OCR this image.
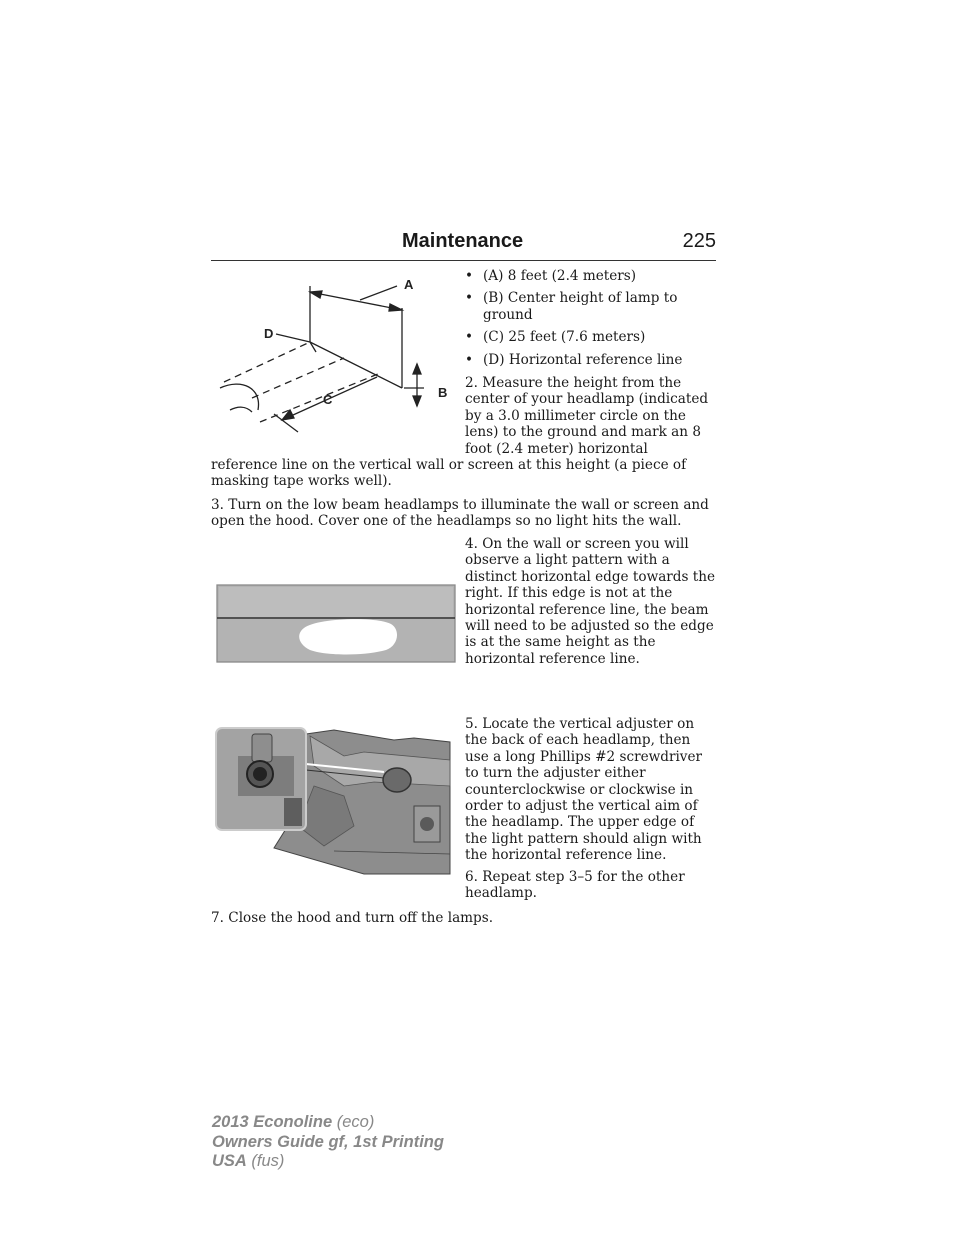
Maintenance	225
A
B
C
D
• (A) 8 feet (2.4 meters)
• (B) Center height of lamp to ground
• (C) 25 feet (7.6 meters)
• (D) Horizontal reference line
2. Measure the height from the center of your headlamp (indicated by a 3.0 millimeter circle on the lens) to the ground and mark an 8 foot (2.4 meter) horizontal
reference line on the vertical wall or screen at this height (a piece of masking tape works well).
3. Turn on the low beam headlamps to illuminate the wall or screen and open the hood. Cover one of the headlamps so no light hits the wall.
4. On the wall or screen you will observe a light pattern with a distinct horizontal edge towards the right. If this edge is not at the horizontal reference line, the beam will need to be adjusted so the edge is at the same height as the horizontal reference line.
5. Locate the vertical adjuster on the back of each headlamp, then use a long Phillips #2 screwdriver to turn the adjuster either counterclockwise or clockwise in order to adjust the vertical aim of the headlamp. The upper edge of the light pattern should align with the horizontal reference line.
6. Repeat step 3–5 for the other headlamp.
7. Close the hood and turn off the lamps.
2013 Econoline (eco)
Owners Guide gf, 1st Printing
USA (fus)
